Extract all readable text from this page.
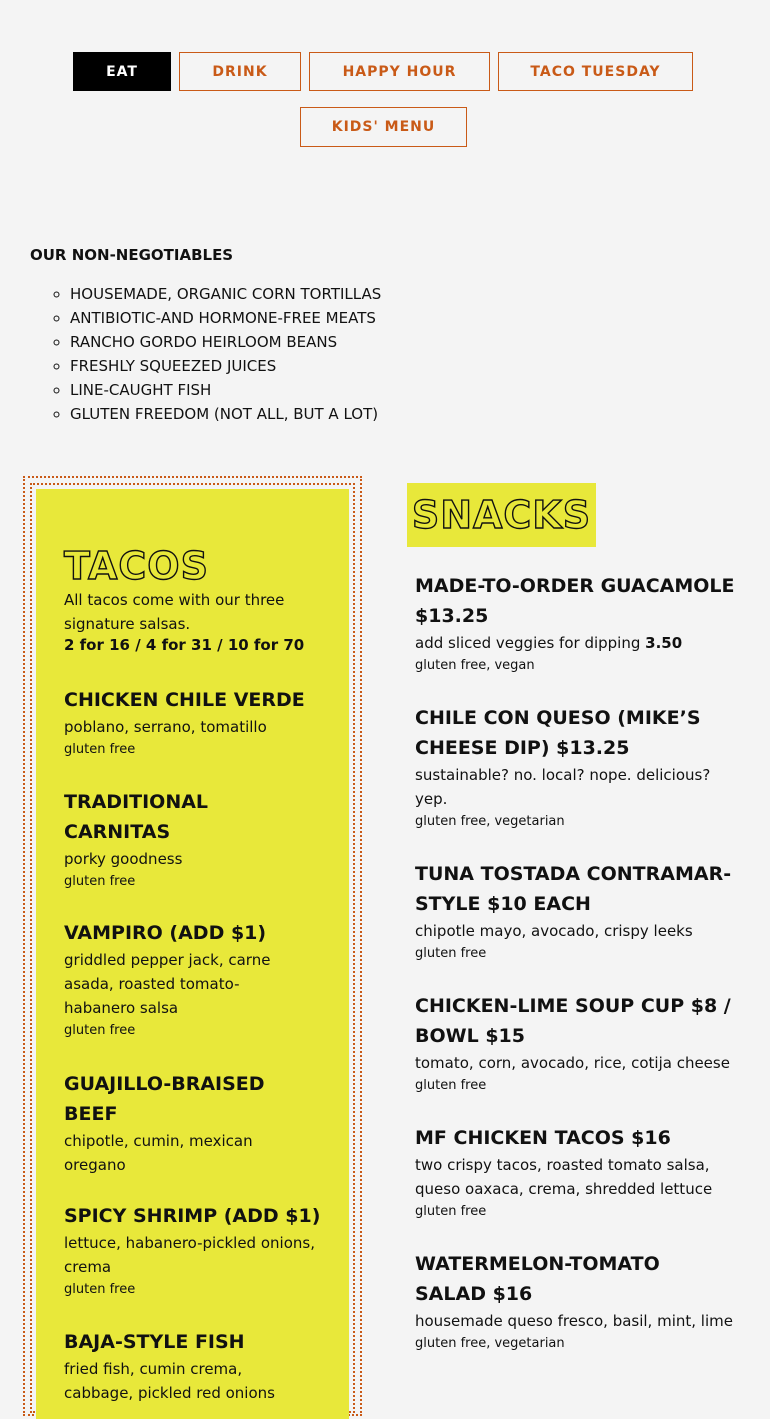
EAT	DRINK	HAPPY HOUR	TACO TUESDAY
KIDS' MENU
OUR NON-NEGOTIABLES
◦ HOUSEMADE, ORGANIC CORN TORTILLAS
◦ ANTIBIOTIC-AND HORMONE-FREE MEATS
◦ RANCHO GORDO HEIRLOOM BEANS
◦ FRESHLY SQUEEZED JUICES
◦ LINE-CAUGHT FISH
◦ GLUTEN FREEDOM (NOT ALL, BUT A LOT)
TACOS
All tacos come with our three signature salsas.
2 for 16 / 4 for 31 / 10 for 70
CHICKEN CHILE VERDE
poblano, serrano, tomatillo
gluten free
TRADITIONAL CARNITAS
porky goodness
gluten free
VAMPIRO (ADD $1)
griddled pepper jack, carne asada, roasted tomato-habanero salsa
gluten free
GUAJILLO-BRAISED BEEF
chipotle, cumin, mexican oregano
SPICY SHRIMP (ADD $1)
lettuce, habanero-pickled onions, crema
gluten free
BAJA-STYLE FISH
fried fish, cumin crema, cabbage, pickled red onions
SNACKS
MADE-TO-ORDER GUACAMOLE $13.25
add sliced veggies for dipping 3.50
gluten free, vegan
CHILE CON QUESO (MIKE’S CHEESE DIP) $13.25
sustainable? no. local? nope. delicious? yep.
gluten free, vegetarian
TUNA TOSTADA CONTRAMAR-STYLE $10 EACH
chipotle mayo, avocado, crispy leeks
gluten free
CHICKEN-LIME SOUP CUP $8 / BOWL $15
tomato, corn, avocado, rice, cotija cheese
gluten free
MF CHICKEN TACOS $16
two crispy tacos, roasted tomato salsa, queso oaxaca, crema, shredded lettuce
gluten free
WATERMELON-TOMATO SALAD $16
housemade queso fresco, basil, mint, lime
gluten free, vegetarian
